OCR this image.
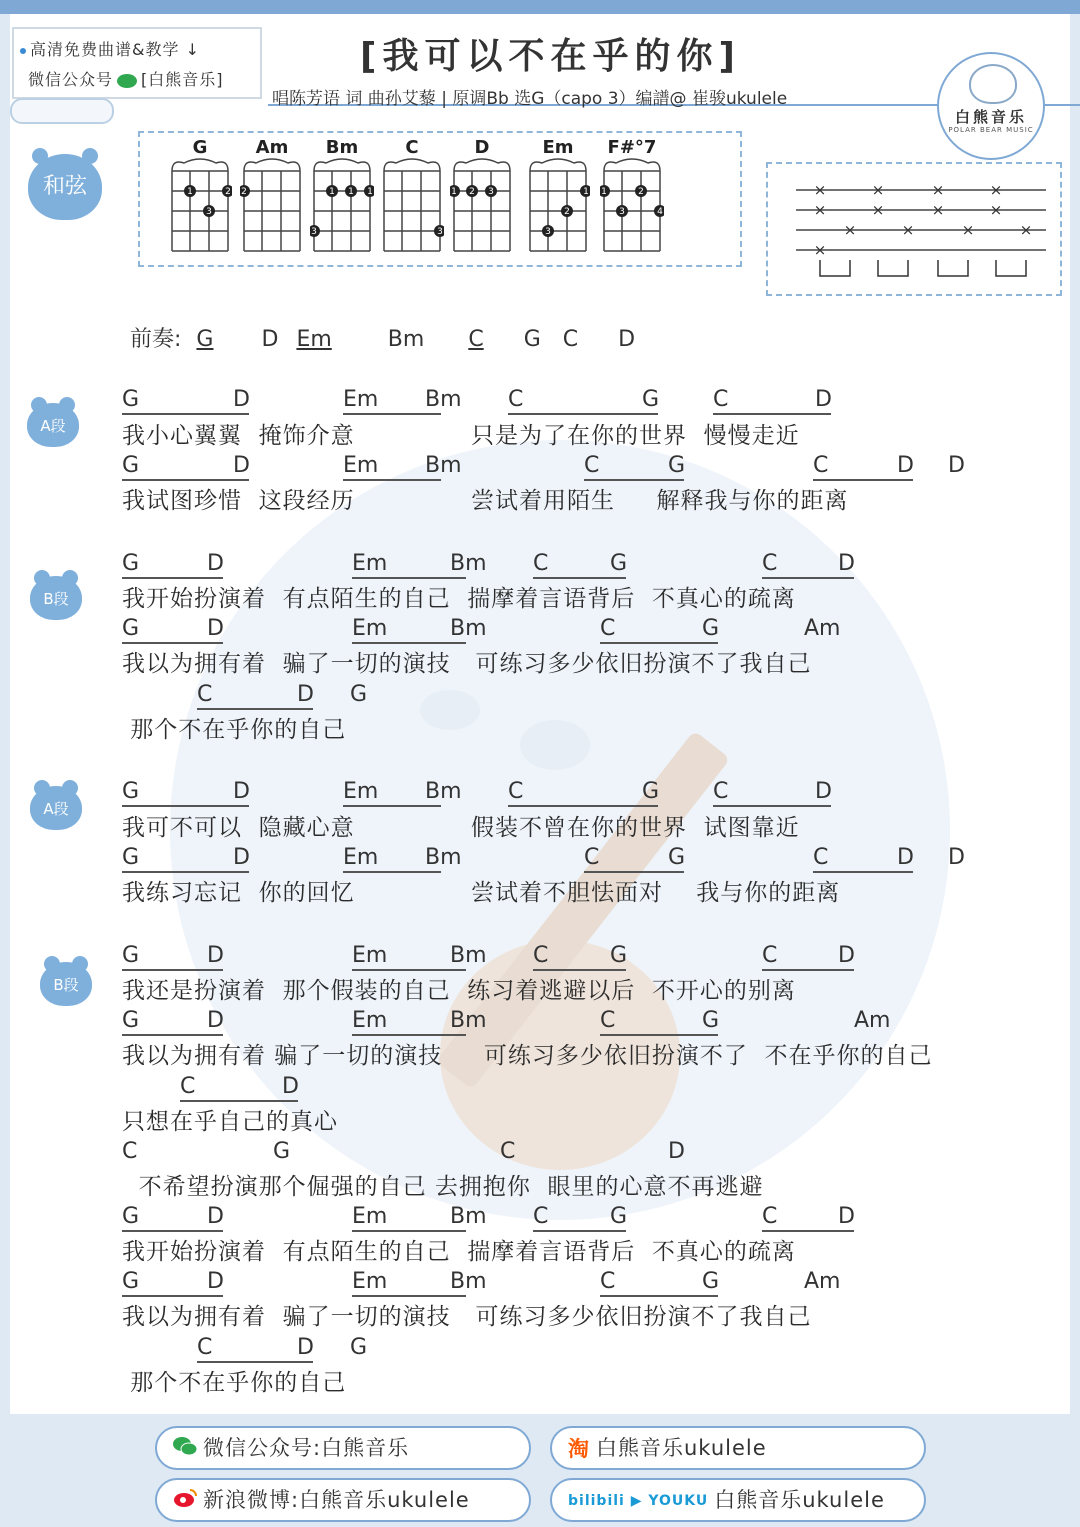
高清免费曲谱&教学 ↓
微信公众号 [白熊音乐]
[我可以不在乎的你]
唱陈芳语 词 曲孙艾藜 | 原调Bb 选G（capo 3）编譜@ 崔骏ukulele
白熊音乐
POLAR BEAR MUSIC
和弦
G
1	2
3
Am
2
Bm
1 1 1
3
C
3
D
1 2 3
Em
1
2
3
F#°7
1	2
3	4
×	×	×	×
×	×	×	×
×	×	×	×
×
前奏: G D Em	Bm C G C D
A段
B段
A段
B段
G	D	Em Bm C	G C	D
G	D	Em Bm	C	G	C	D D
G	D	Em	Bm C	G	C	D
G	D	Em	Bm	C	G	Am
C	D G
G	D	Em Bm C	G C	D
G	D	Em Bm	C	G	C	D D
G	D	Em	Bm C	G	C	D
G	D	Em	Bm	C	G	Am
C	D
C	G	C	D
G	D	Em	Bm C	G	C	D
G	D	Em	Bm	C	G	Am
C	D G
我小心翼翼  掩饰介意              只是为了在你的世界  慢慢走近
我试图珍惜  这段经历              尝试着用陌生     解释我与你的距离
我开始扮演着  有点陌生的自己  揣摩着言语背后  不真心的疏离
我以为拥有着  骗了一切的演技   可练习多少依旧扮演不了我自己
那个不在乎你的自己
我可不可以  隐藏心意              假装不曾在你的世界  试图靠近
我练习忘记  你的回忆              尝试着不胆怯面对    我与你的距离
我还是扮演着  那个假装的自己  练习着逃避以后  不开心的别离
我以为拥有着 骗了一切的演技     可练习多少依旧扮演不了  不在乎你的自己
只想在乎自己的真心
不希望扮演那个倔强的自己 去拥抱你  眼里的心意不再逃避
我开始扮演着  有点陌生的自己  揣摩着言语背后  不真心的疏离
我以为拥有着  骗了一切的演技   可练习多少依旧扮演不了我自己
那个不在乎你的自己
微信公众号:白熊音乐	淘 白熊音乐ukulele
新浪微博:白熊音乐ukulele	bilibili ▶ YOUKU 白熊音乐ukulele
